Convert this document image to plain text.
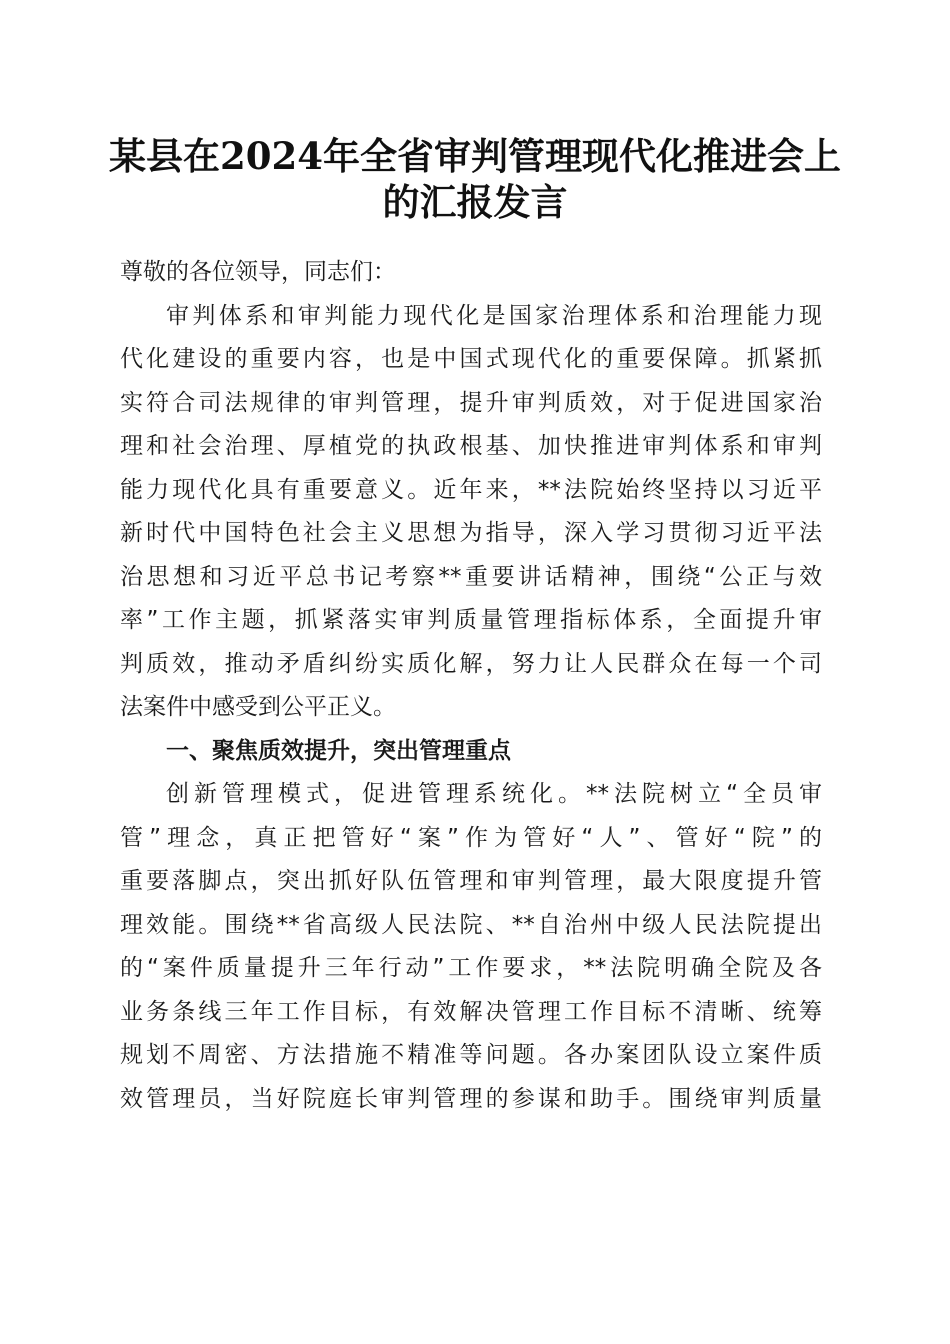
某县在2024年全省审判管理现代化推进会上
的汇报发言
尊敬的各位领导，同志们：
审判体系和审判能力现代化是国家治理体系和治理能力现
代化建设的重要内容，也是中国式现代化的重要保障。抓紧抓
实符合司法规律的审判管理，提升审判质效，对于促进国家治
理和社会治理、厚植党的执政根基、加快推进审判体系和审判
能力现代化具有重要意义。近年来，**法院始终坚持以习近平
新时代中国特色社会主义思想为指导，深入学习贯彻习近平法
治思想和习近平总书记考察**重要讲话精神，围绕“公正与效
率”工作主题，抓紧落实审判质量管理指标体系，全面提升审
判质效，推动矛盾纠纷实质化解，努力让人民群众在每一个司
法案件中感受到公平正义。
一、聚焦质效提升，突出管理重点
创新管理模式，促进管理系统化。**法院树立“全员审
管”理念，真正把管好“案”作为管好“人”、管好“院”的
重要落脚点，突出抓好队伍管理和审判管理，最大限度提升管
理效能。围绕**省高级人民法院、**自治州中级人民法院提出
的“案件质量提升三年行动”工作要求，**法院明确全院及各
业务条线三年工作目标，有效解决管理工作目标不清晰、统筹
规划不周密、方法措施不精准等问题。各办案团队设立案件质
效管理员，当好院庭长审判管理的参谋和助手。围绕审判质量
